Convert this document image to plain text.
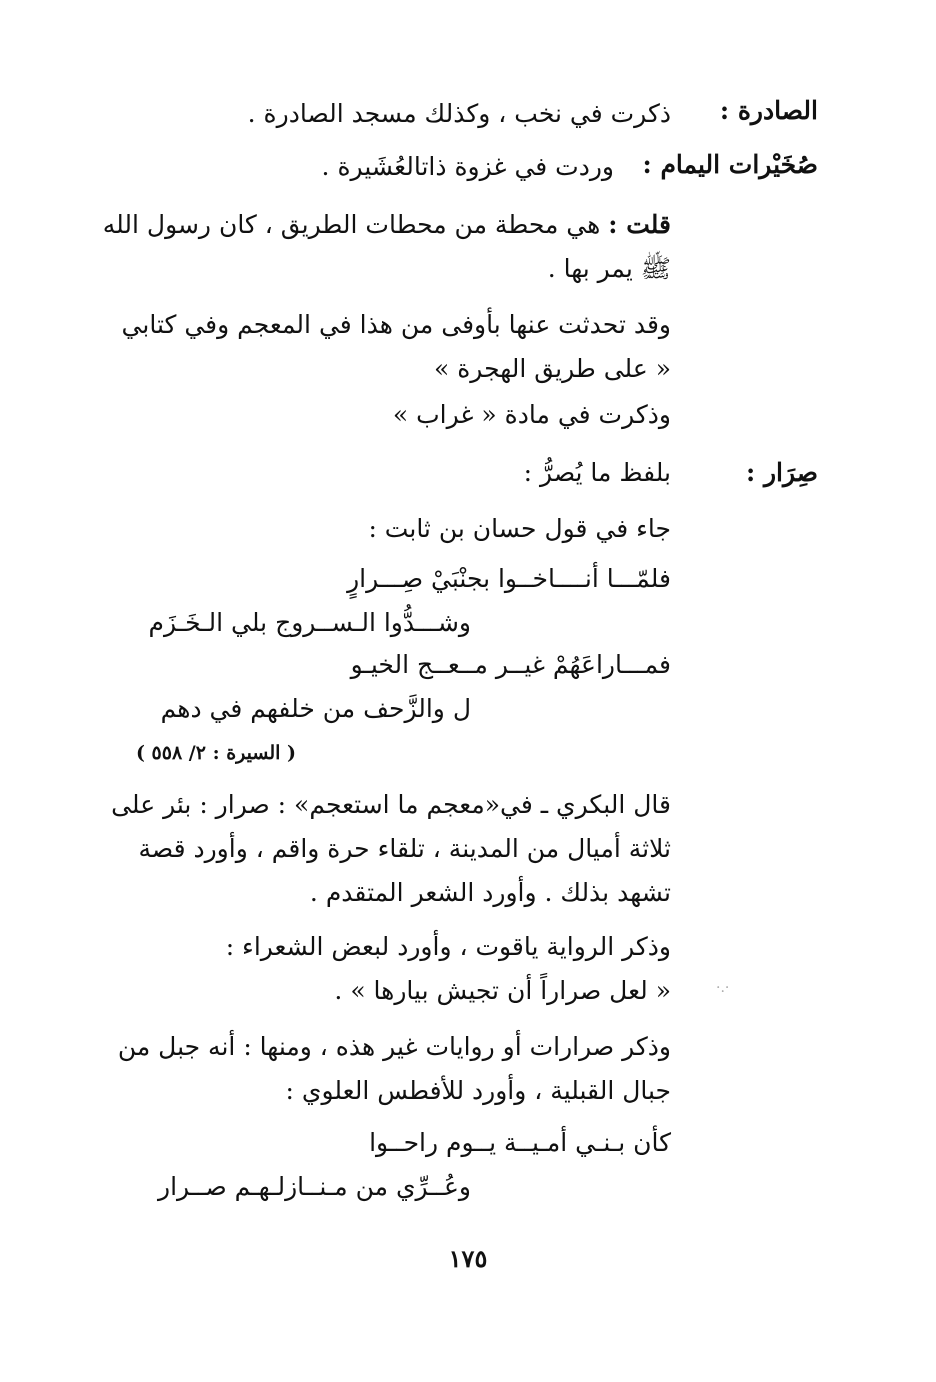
الصادرة :
ذكرت في نخب ، وكذلك مسجد الصادرة .
صُخَيْرات اليمام :
وردت في غزوة ذاتالعُشَيرة .
قلت : هي محطة من محطات الطريق ، كان رسول الله
ﷺ يمر بها .
وقد تحدثت عنها بأوفى من هذا في المعجم وفي كتابي
« على طريق الهجرة »
وذكرت في مادة « غراب »
صِرَار :
بلفظ ما يُصرُّ :
جاء في قول حسان بن ثابت :
فلمّـــا أنــــاخــوا بجنْبَيْ صِـــرارٍ
وشـــدُّوا الـســروج بلي الـخَـزَم
فمـــاراعَهُمْ غيــر مــعــج الخيـو
ل والزَّحف من خلفهم في دهم
( السيرة : ٢/ ٥٥٨ )
قال البكري ـ في«معجم ما استعجم» : صرار : بئر على
ثلاثة أميال من المدينة ، تلقاء حرة واقم ، وأورد قصة
تشهد بذلك . وأورد الشعر المتقدم .
وذكر الرواية ياقوت ، وأورد لبعض الشعراء :
« لعل صراراً أن تجيش بيارها » .
وذكر صرارات أو روايات غير هذه ، ومنها : أنه جبل من
جبال القبلية ، وأورد للأفطس العلوي :
كأن بـنـي أمـيــة يــوم راحــوا
وعُــرِّي من مـنــازلـهـم صــرار
١٧٥
·.·
